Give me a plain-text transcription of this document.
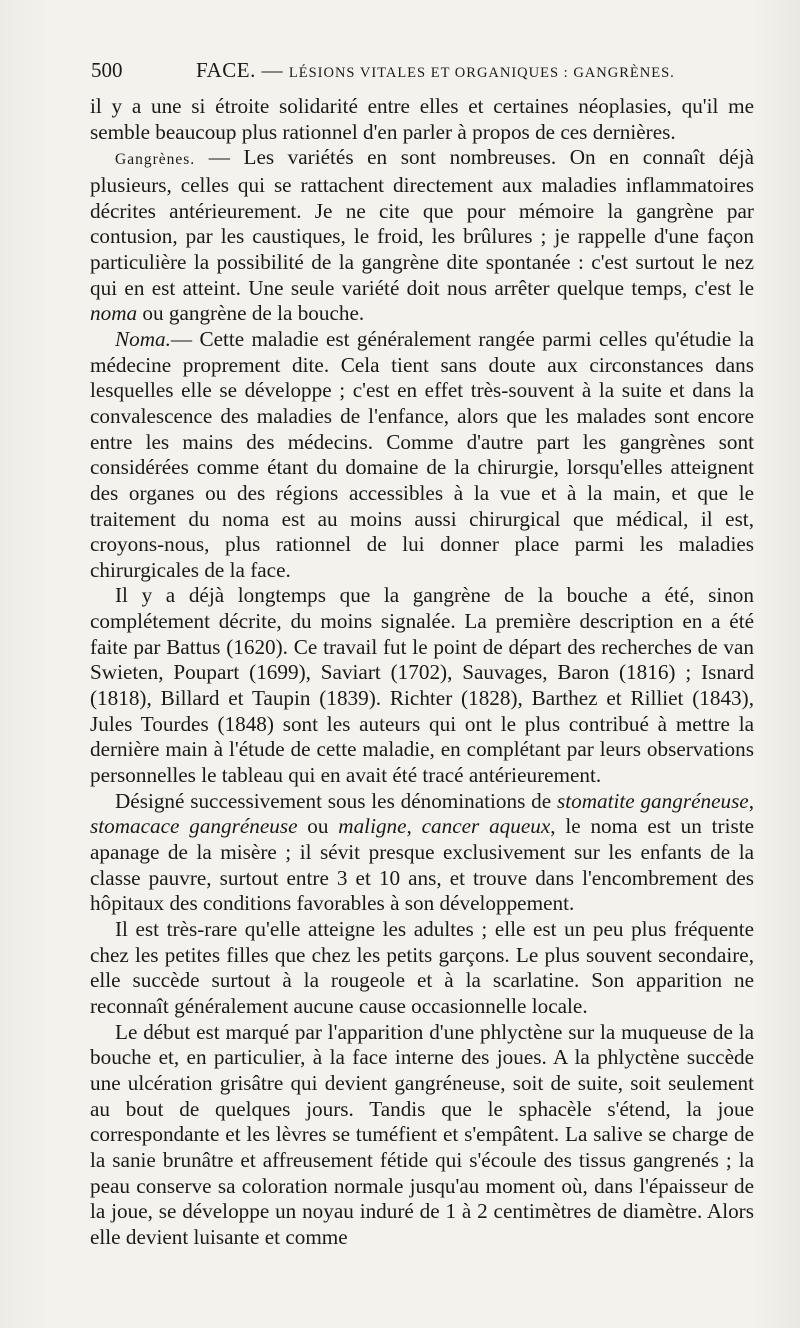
500	FACE. — LÉSIONS VITALES ET ORGANIQUES : GANGRÈNES.

il y a une si étroite solidarité entre elles et certaines néoplasies, qu'il me semble beaucoup plus rationnel d'en parler à propos de ces dernières.

Gangrènes. — Les variétés en sont nombreuses. On en connaît déjà plusieurs, celles qui se rattachent directement aux maladies inflammatoires décrites antérieurement. Je ne cite que pour mémoire la gangrène par contusion, par les caustiques, le froid, les brûlures ; je rappelle d'une façon particulière la possibilité de la gangrène dite spontanée : c'est surtout le nez qui en est atteint. Une seule variété doit nous arrêter quelque temps, c'est le noma ou gangrène de la bouche.

Noma.— Cette maladie est généralement rangée parmi celles qu'étudie la médecine proprement dite. Cela tient sans doute aux circonstances dans lesquelles elle se développe ; c'est en effet très-souvent à la suite et dans la convalescence des maladies de l'enfance, alors que les malades sont encore entre les mains des médecins. Comme d'autre part les gangrènes sont considérées comme étant du domaine de la chirurgie, lorsqu'elles atteignent des organes ou des régions accessibles à la vue et à la main, et que le traitement du noma est au moins aussi chirurgical que médical, il est, croyons-nous, plus rationnel de lui donner place parmi les maladies chirurgicales de la face.

Il y a déjà longtemps que la gangrène de la bouche a été, sinon complétement décrite, du moins signalée. La première description en a été faite par Battus (1620). Ce travail fut le point de départ des recherches de van Swieten, Poupart (1699), Saviart (1702), Sauvages, Baron (1816) ; Isnard (1818), Billard et Taupin (1839). Richter (1828), Barthez et Rilliet (1843), Jules Tourdes (1848) sont les auteurs qui ont le plus contribué à mettre la dernière main à l'étude de cette maladie, en complétant par leurs observations personnelles le tableau qui en avait été tracé antérieurement.

Désigné successivement sous les dénominations de stomatite gangréneuse, stomacace gangréneuse ou maligne, cancer aqueux, le noma est un triste apanage de la misère ; il sévit presque exclusivement sur les enfants de la classe pauvre, surtout entre 3 et 10 ans, et trouve dans l'encombrement des hôpitaux des conditions favorables à son développement.

Il est très-rare qu'elle atteigne les adultes ; elle est un peu plus fréquente chez les petites filles que chez les petits garçons. Le plus souvent secondaire, elle succède surtout à la rougeole et à la scarlatine. Son apparition ne reconnaît généralement aucune cause occasionnelle locale.

Le début est marqué par l'apparition d'une phlyctène sur la muqueuse de la bouche et, en particulier, à la face interne des joues. A la phlyctène succède une ulcération grisâtre qui devient gangréneuse, soit de suite, soit seulement au bout de quelques jours. Tandis que le sphacèle s'étend, la joue correspondante et les lèvres se tuméfient et s'empâtent. La salive se charge de la sanie brunâtre et affreusement fétide qui s'écoule des tissus gangrenés ; la peau conserve sa coloration normale jusqu'au moment où, dans l'épaisseur de la joue, se développe un noyau induré de 1 à 2 centimètres de diamètre. Alors elle devient luisante et comme
